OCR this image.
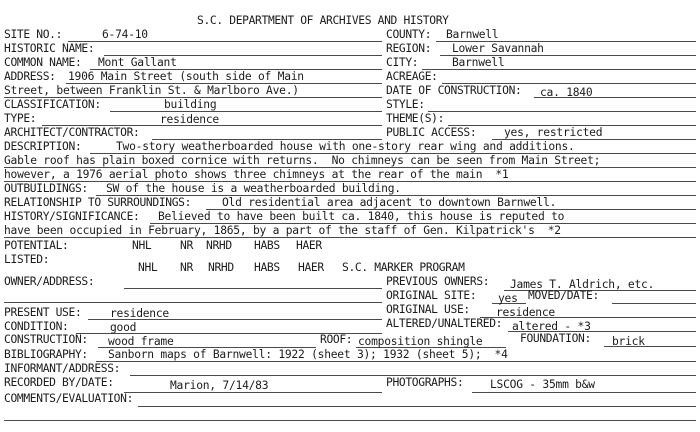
S.C. DEPARTMENT OF ARCHIVES AND HISTORY
SITE NO.:	6-74-10	COUNTY: Barnwell
HISTORIC NAME:	REGION: Lower Savannah
COMMON NAME: Mont Gallant	CITY:	Barnwell
ADDRESS: 1906 Main Street (south side of Main	ACREAGE:
Street, between Franklin St. & Marlboro Ave.)	DATE OF CONSTRUCTION: ca. 1840
CLASSIFICATION:	building	STYLE:
TYPE:	residence	THEME(S):
ARCHITECT/CONTRACTOR:	PUBLIC ACCESS: yes, restricted
DESCRIPTION:	Two-story weatherboarded house with one-story rear wing and additions.
Gable roof has plain boxed cornice with returns.  No chimneys can be seen from Main Street;
however, a 1976 aerial photo shows three chimneys at the rear of the main  *1
OUTBUILDINGS: SW of the house is a weatherboarded building.
RELATIONSHIP TO SURROUNDINGS:	Old residential area adjacent to downtown Barnwell.
HISTORY/SIGNIFICANCE: Believed to have been built ca. 1840, this house is reputed to
have been occupied in February, 1865, by a part of the staff of Gen. Kilpatrick's  *2
POTENTIAL:	NHL	NR NRHD HABS HAER
LISTED:
NHL NR NRHD HABS HAER S.C. MARKER PROGRAM
OWNER/ADDRESS:	PREVIOUS OWNERS: James T. Aldrich, etc.
ORIGINAL SITE: yes MOVED/DATE:
PRESENT USE:	residence	ORIGINAL USE: residence
CONDITION:	good	ALTERED/UNALTERED: altered - *3
CONSTRUCTION: wood frame	ROOF: composition shingle	FOUNDATION: brick
BIBLIOGRAPHY: Sanborn maps of Barnwell: 1922 (sheet 3); 1932 (sheet 5);  *4
INFORMANT/ADDRESS:
RECORDED BY/DATE:	Marion, 7/14/83	PHOTOGRAPHS: LSCOG - 35mm b&w
COMMENTS/EVALUATION:
